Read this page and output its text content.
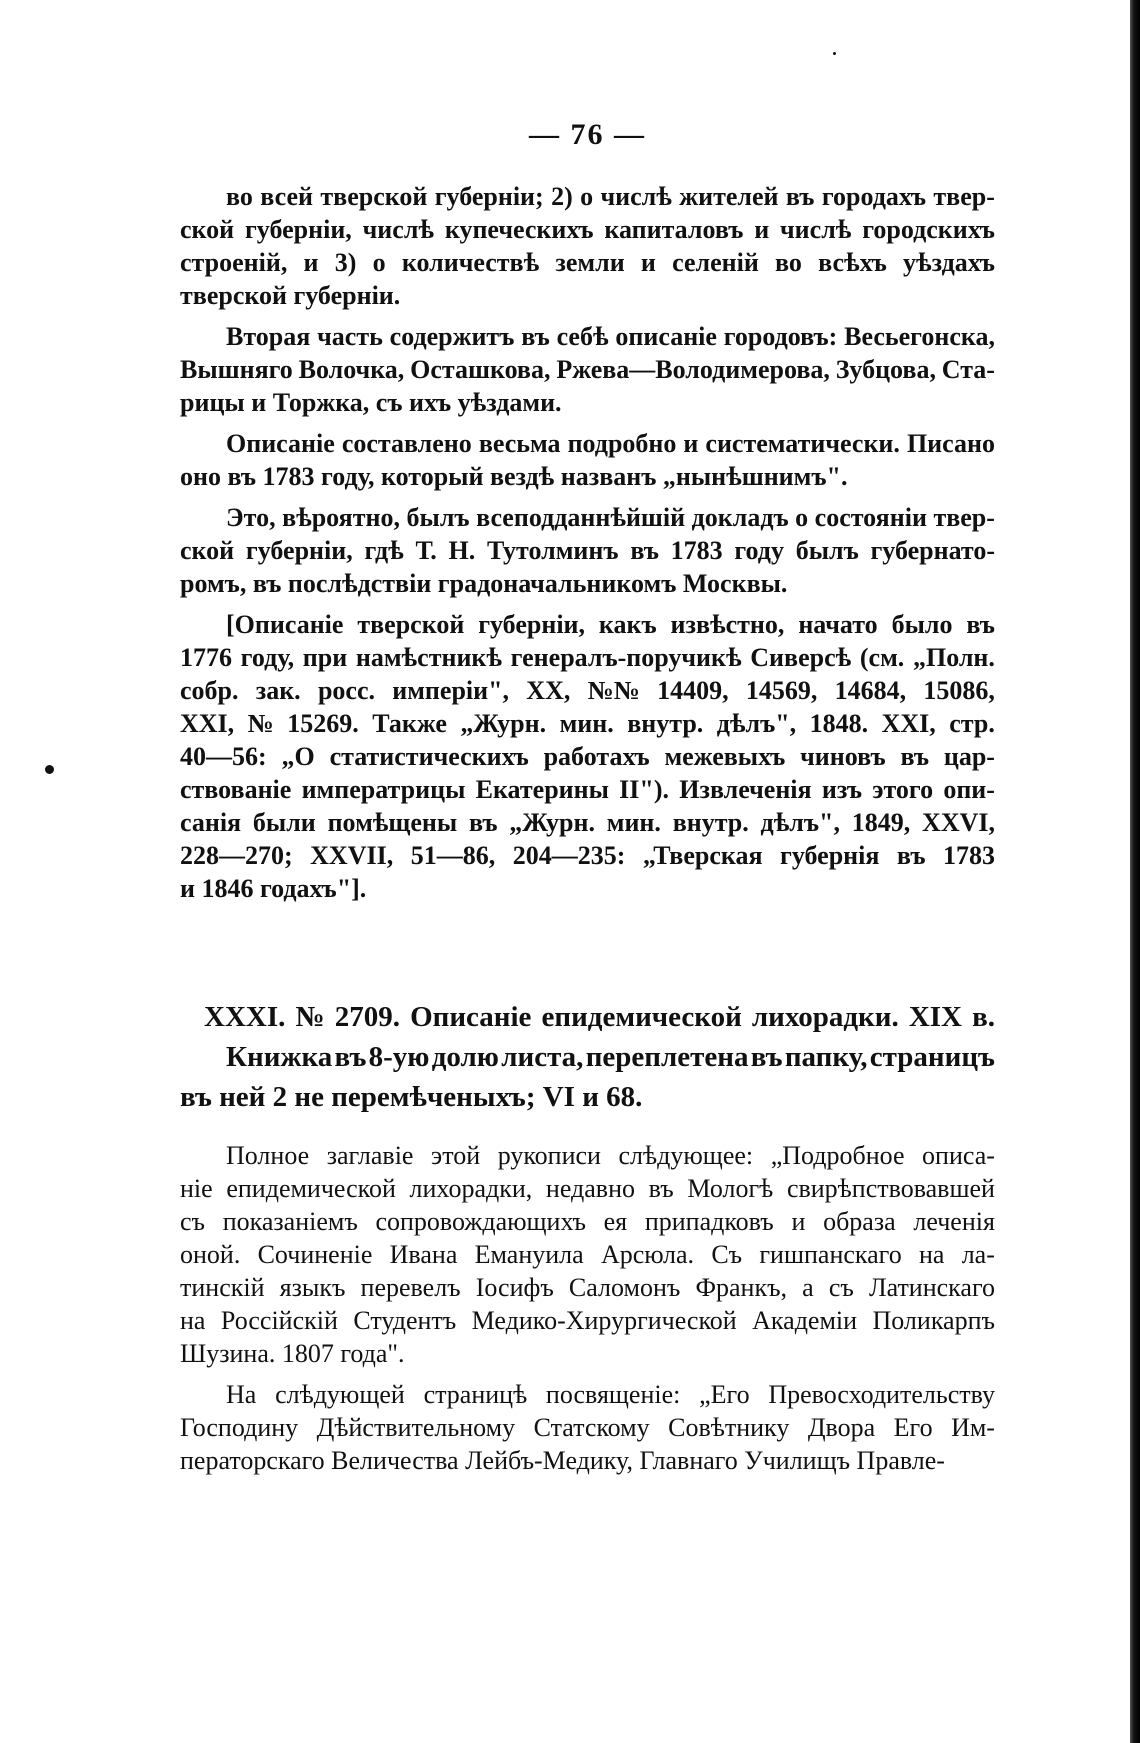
— 76 —
во всей тверской губерніи; 2) о числѣ жителей въ городахъ твер-
ской губерніи, числѣ купеческихъ капиталовъ и числѣ городскихъ
строеній, и 3) о количествѣ земли и селеній во всѣхъ уѣздахъ
тверской губерніи.
Вторая часть содержитъ въ себѣ описаніе городовъ: Весьегонска,
Вышняго Волочка, Осташкова, Ржева—Володимерова, Зубцова, Ста-
рицы и Торжка, съ ихъ уѣздами.
Описаніе составлено весьма подробно и систематически. Писано
оно въ 1783 году, который вездѣ названъ „нынѣшнимъ".
Это, вѣроятно, былъ всеподданнѣйшій докладъ о состояніи твер-
ской губерніи, гдѣ Т. Н. Тутолминъ въ 1783 году былъ губернато-
ромъ, въ послѣдствіи градоначальникомъ Москвы.
[Описаніе тверской губерніи, какъ извѣстно, начато было въ
1776 году, при намѣстникѣ генералъ-поручикѣ Сиверсѣ (см. „Полн.
собр. зак. росс. имперіи", XX, №№ 14409, 14569, 14684, 15086,
XXI, № 15269. Также „Журн. мин. внутр. дѣлъ", 1848. XXI, стр.
40—56: „О статистическихъ работахъ межевыхъ чиновъ въ цар-
ствованіе императрицы Екатерины II"). Извлеченія изъ этого опи-
санія были помѣщены въ „Журн. мин. внутр. дѣлъ", 1849, XXVI,
228—270; XXVII, 51—86, 204—235: „Тверская губернія въ 1783
и 1846 годахъ"].
XXXI. № 2709. Описаніе епидемической лихорадки. XIX в.
Книжка въ 8-ую долю листа, переплетена въ папку, страницъ
въ ней 2 не перемѣченыхъ; VI и 68.
Полное заглавіе этой рукописи слѣдующее: „Подробное описа-
ніе епидемической лихорадки, недавно въ Мологѣ свирѣпствовавшей
съ показаніемъ сопровождающихъ ея припадковъ и образа леченія
оной. Сочиненіе Ивана Емануила Арсюла. Съ гишпанскаго на ла-
тинскій языкъ перевелъ Іосифъ Саломонъ Франкъ, а съ Латинскаго
на Россійскій Студентъ Медико-Хирургической Академіи Поликарпъ
Шузина. 1807 года".
На слѣдующей страницѣ посвященіе: „Его Превосходительству
Господину Дѣйствительному Статскому Совѣтнику Двора Его Им-
ператорскаго Величества Лейбъ-Медику, Главнаго Училищъ Правле-
